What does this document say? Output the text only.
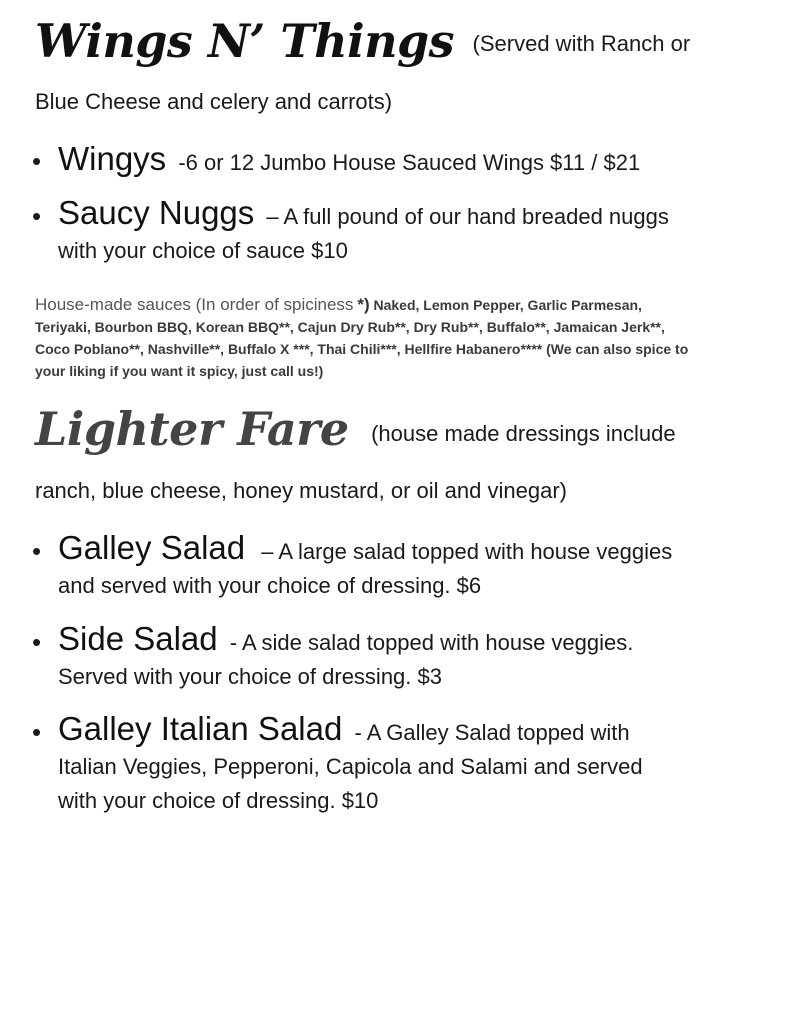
Wings N’ Things (Served with Ranch or
Blue Cheese and celery and carrots)
• Wingys -6 or 12 Jumbo House Sauced Wings $11 / $21
• Saucy Nuggs – A full pound of our hand breaded nuggs
with your choice of sauce $10
House-made sauces (In order of spiciness *) Naked, Lemon Pepper, Garlic Parmesan, Teriyaki, Bourbon BBQ, Korean BBQ**, Cajun Dry Rub**, Dry Rub**, Buffalo**, Jamaican Jerk**, Coco Poblano**, Nashville**, Buffalo X ***, Thai Chili***, Hellfire Habanero**** (We can also spice to your liking if you want it spicy, just call us!)
Lighter Fare (house made dressings include
ranch, blue cheese, honey mustard, or oil and vinegar)
• Galley Salad – A large salad topped with house veggies
and served with your choice of dressing. $6
• Side Salad - A side salad topped with house veggies.
Served with your choice of dressing. $3
• Galley Italian Salad - A Galley Salad topped with
Italian Veggies, Pepperoni, Capicola and Salami and served
with your choice of dressing. $10
